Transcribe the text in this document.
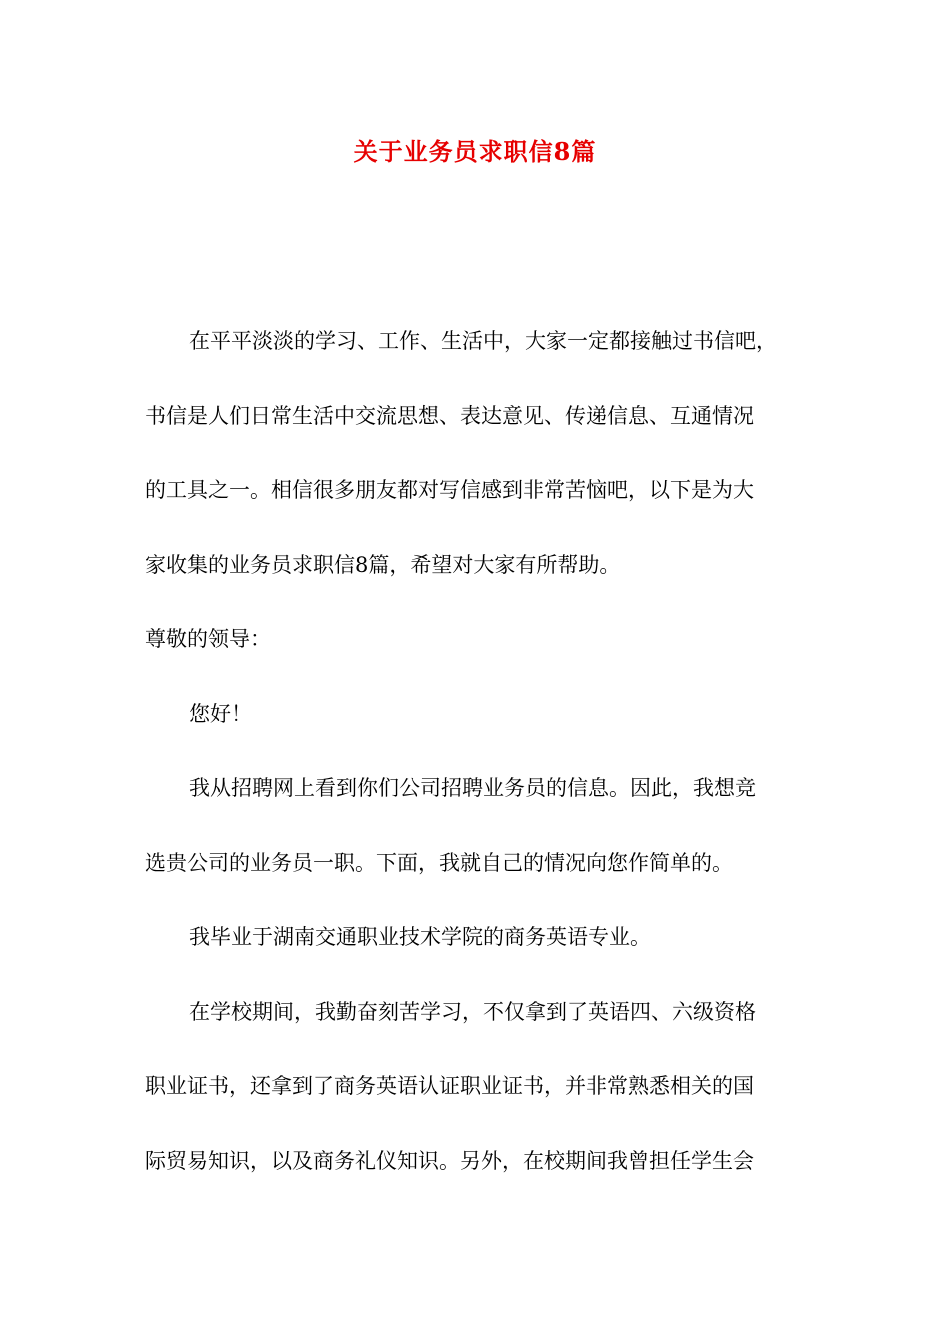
关于业务员求职信8篇

在平平淡淡的学习、工作、生活中，大家一定都接触过书信吧，

书信是人们日常生活中交流思想、表达意见、传递信息、互通情况

的工具之一。相信很多朋友都对写信感到非常苦恼吧，以下是为大

家收集的业务员求职信8篇，希望对大家有所帮助。

尊敬的领导：

您好！

我从招聘网上看到你们公司招聘业务员的信息。因此，我想竞

选贵公司的业务员一职。下面，我就自己的情况向您作简单的。

我毕业于湖南交通职业技术学院的商务英语专业。

在学校期间，我勤奋刻苦学习，不仅拿到了英语四、六级资格

职业证书，还拿到了商务英语认证职业证书，并非常熟悉相关的国

际贸易知识，以及商务礼仪知识。另外，在校期间我曾担任学生会
